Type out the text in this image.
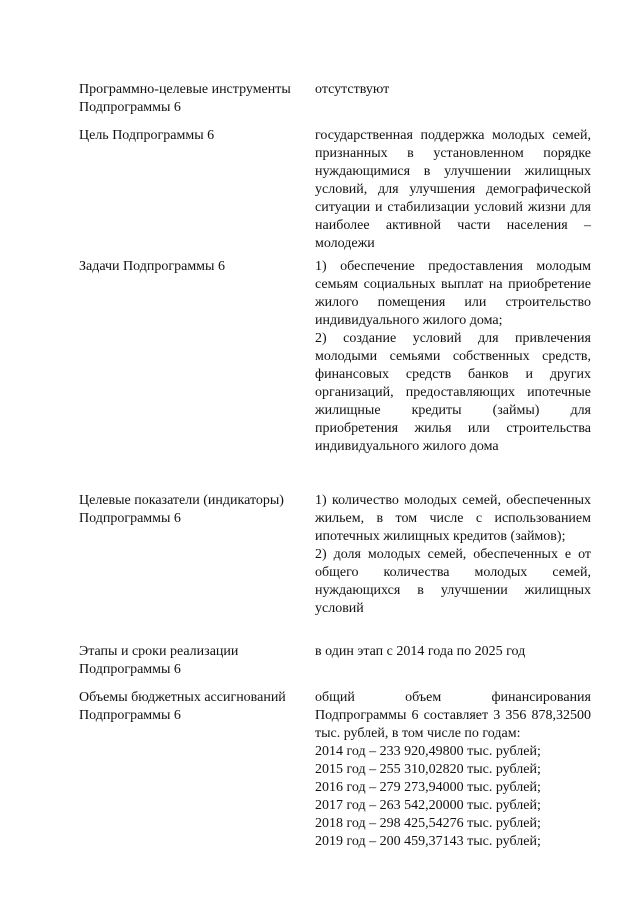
Программно-целевые инструменты
Подпрограммы 6
отсутствуют
Цель Подпрограммы 6	государственная поддержка молодых семей, признанных в установленном порядке нуждающимися в улучшении жилищных условий, для улучшения демографической ситуации и стабилизации условий жизни для наиболее активной части населения – молодежи
Задачи Подпрограммы 6	1) обеспечение предоставления молодым семьям социальных выплат на приобретение жилого помещения или строительство индивидуального жилого дома;
2) создание условий для привлечения молодыми семьями собственных средств, финансовых средств банков и других организаций, предоставляющих ипотечные жилищные кредиты (займы) для приобретения жилья или строительства индивидуального жилого дома
Целевые показатели (индикаторы)
Подпрограммы 6
1) количество молодых семей, обеспеченных жильем, в том числе с использованием ипотечных жилищных кредитов (займов);
2) доля молодых семей, обеспеченных е от общего количества молодых семей, нуждающихся в улучшении жилищных условий
Этапы и сроки реализации
Подпрограммы 6
в один этап с 2014 года по 2025 год
Объемы бюджетных ассигнований
Подпрограммы 6
общий объем финансирования Подпрограммы 6 составляет 3 356 878,32500 тыс. рублей, в том числе по годам:
2014 год – 233 920,49800 тыс. рублей;
2015 год – 255 310,02820 тыс. рублей;
2016 год – 279 273,94000 тыс. рублей;
2017 год – 263 542,20000 тыс. рублей;
2018 год – 298 425,54276 тыс. рублей;
2019 год – 200 459,37143 тыс. рублей;
